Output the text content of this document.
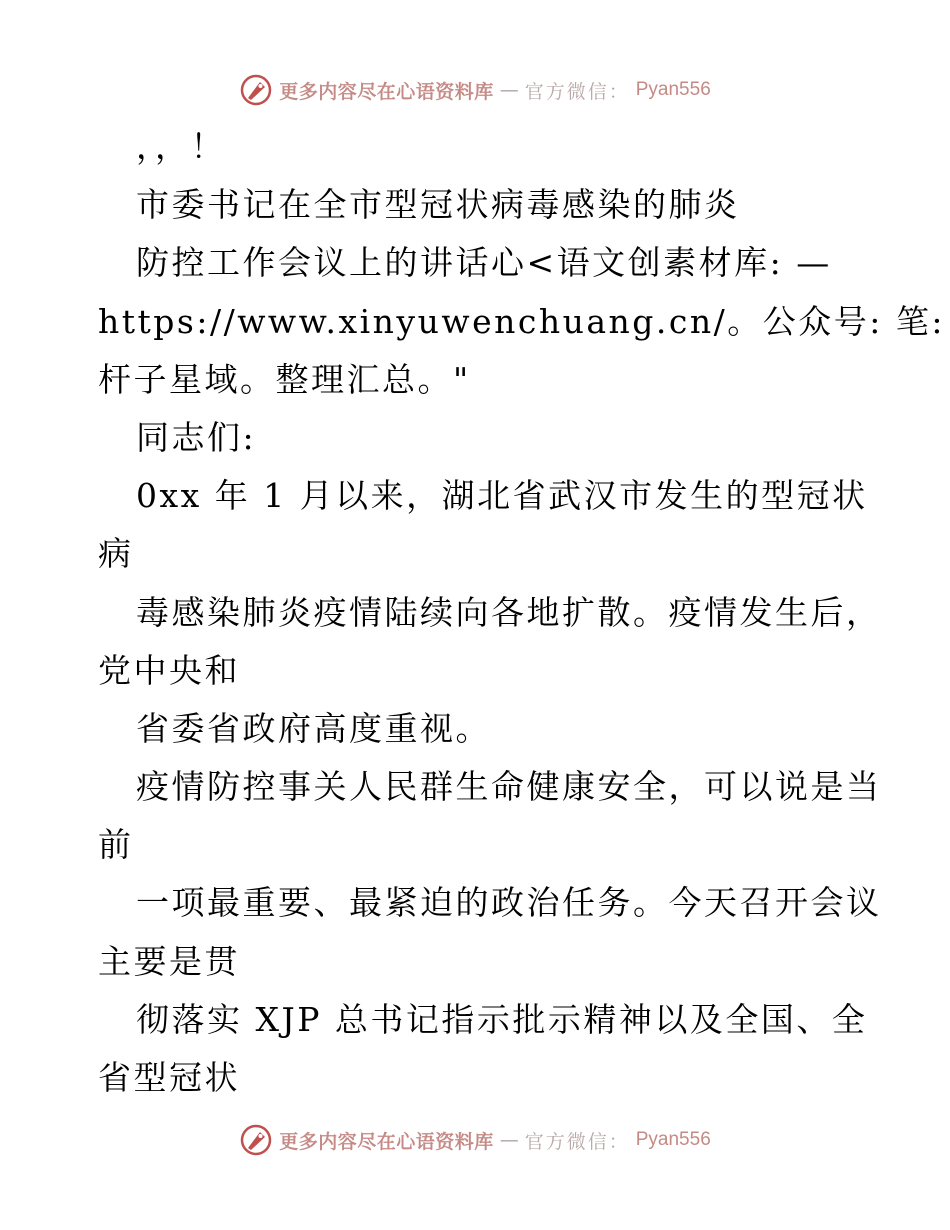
更多内容尽在心语资料库 — 官方微信： Pyan556
，，！
市委书记在全市型冠状病毒感染的肺炎
防控工作会议上的讲话心<语文创素材库: —
https://www.xinyuwenchuang.cn/。公众号: 笔:
杆子星域。整理汇总。"
同志们:
0xx 年 1 月以来，湖北省武汉市发生的型冠状
病
毒感染肺炎疫情陆续向各地扩散。疫情发生后，
党中央和
省委省政府高度重视。
疫情防控事关人民群生命健康安全，可以说是当
前
一项最重要、最紧迫的政治任务。今天召开会议
主要是贯
彻落实 XJP 总书记指示批示精神以及全国、全
省型冠状
更多内容尽在心语资料库 — 官方微信： Pyan556
